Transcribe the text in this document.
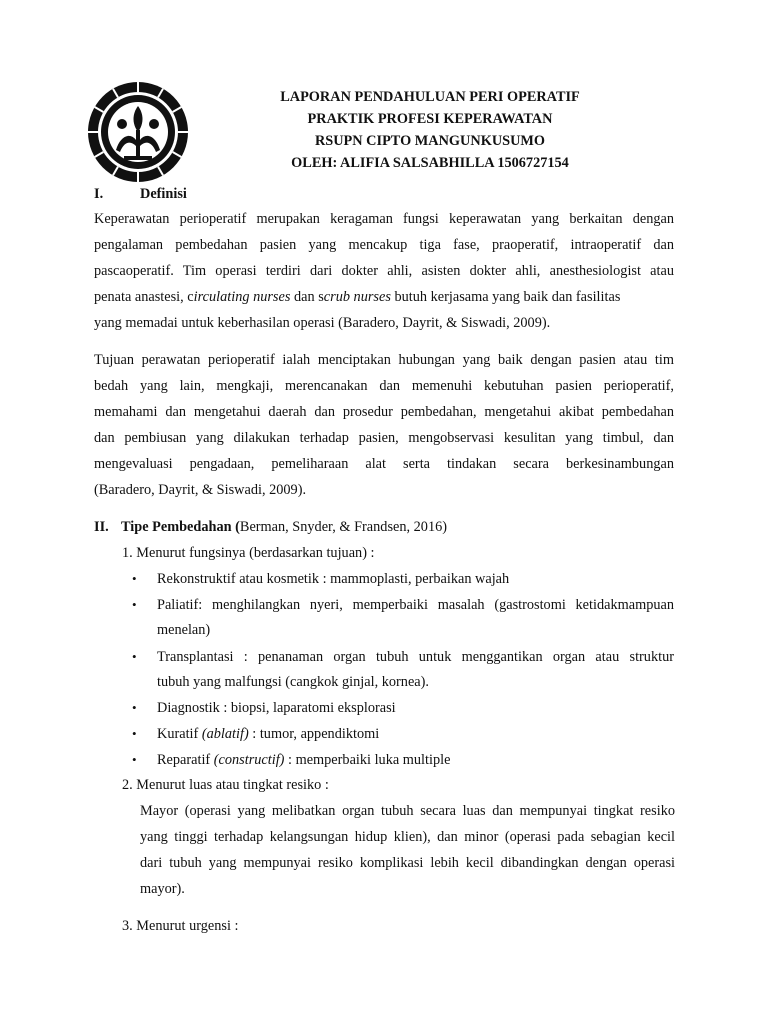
LAPORAN PENDAHULUAN PERI OPERATIF
PRAKTIK PROFESI KEPERAWATAN
RSUPN CIPTO MANGUNKUSUMO
OLEH: ALIFIA SALSABHILLA 1506727154
I.	Definisi
Keperawatan perioperatif merupakan keragaman fungsi keperawatan yang berkaitan dengan
pengalaman pembedahan pasien yang mencakup tiga fase, praoperatif, intraoperatif dan
pascaoperatif. Tim operasi terdiri dari dokter ahli, asisten dokter ahli, anesthesiologist atau
penata anastesi, circulating nurses dan scrub nurses butuh kerjasama yang baik dan fasilitas
yang memadai untuk keberhasilan operasi (Baradero, Dayrit, & Siswadi, 2009).
Tujuan perawatan perioperatif ialah menciptakan hubungan yang baik dengan pasien atau tim
bedah yang lain, mengkaji, merencanakan dan memenuhi kebutuhan pasien perioperatif,
memahami dan mengetahui daerah dan prosedur pembedahan, mengetahui akibat pembedahan
dan pembiusan yang dilakukan terhadap pasien, mengobservasi kesulitan yang timbul, dan
mengevaluasi pengadaan, pemeliharaan alat serta tindakan secara berkesinambungan
(Baradero, Dayrit, & Siswadi, 2009).
II. Tipe Pembedahan (Berman, Snyder, & Frandsen, 2016)
1. Menurut fungsinya (berdasarkan tujuan) :
• Rekonstruktif atau kosmetik : mammoplasti, perbaikan wajah
• Paliatif: menghilangkan nyeri, memperbaiki masalah (gastrostomi ketidakmampuan
menelan)
• Transplantasi : penanaman organ tubuh untuk menggantikan organ atau struktur
tubuh yang malfungsi (cangkok ginjal, kornea).
• Diagnostik : biopsi, laparatomi eksplorasi
• Kuratif (ablatif) : tumor, appendiktomi
• Reparatif (constructif) : memperbaiki luka multiple
2. Menurut luas atau tingkat resiko :
Mayor (operasi yang melibatkan organ tubuh secara luas dan mempunyai tingkat resiko
yang tinggi terhadap kelangsungan hidup klien), dan minor (operasi pada sebagian kecil
dari tubuh yang mempunyai resiko komplikasi lebih kecil dibandingkan dengan operasi
mayor).
3. Menurut urgensi :
